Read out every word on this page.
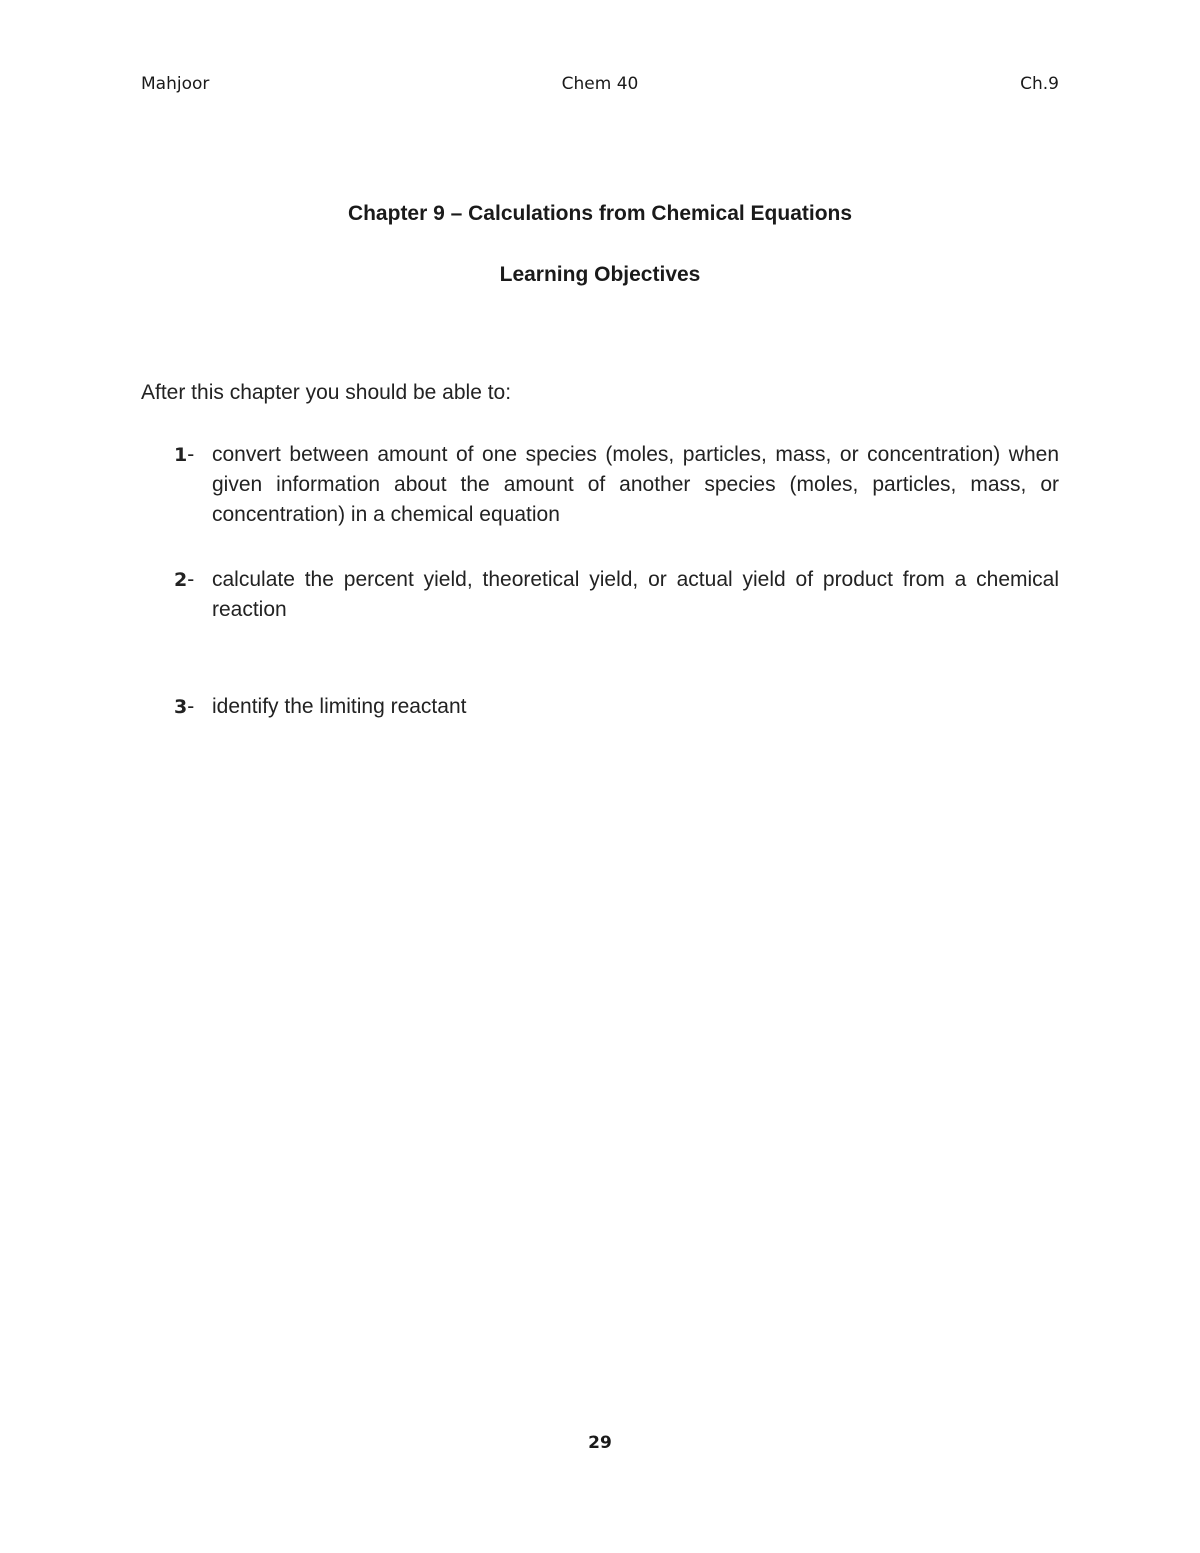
Mahjoor	Chem 40	Ch.9
Chapter 9 – Calculations from Chemical Equations
Learning Objectives
After this chapter you should be able to:
1- convert between amount of one species (moles, particles, mass, or concentration) when given information about the amount of another species (moles, particles, mass, or concentration) in a chemical equation
2- calculate the percent yield, theoretical yield, or actual yield of product from a chemical reaction
3- identify the limiting reactant
29
